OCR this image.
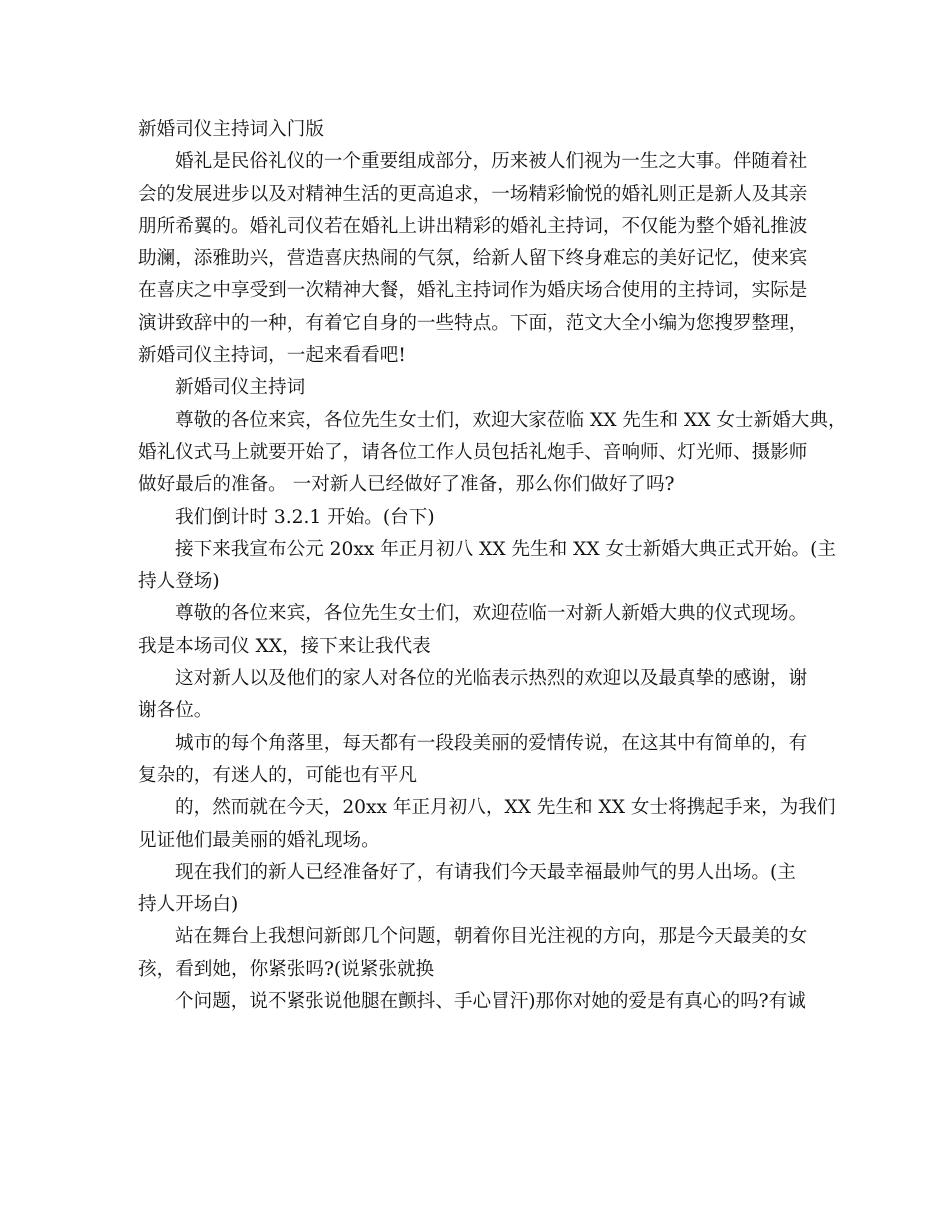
新婚司仪主持词入门版

婚礼是民俗礼仪的一个重要组成部分，历来被人们视为一生之大事。伴随着社
会的发展进步以及对精神生活的更高追求，一场精彩愉悦的婚礼则正是新人及其亲
朋所希翼的。婚礼司仪若在婚礼上讲出精彩的婚礼主持词，不仅能为整个婚礼推波
助澜，添雅助兴，营造喜庆热闹的气氛，给新人留下终身难忘的美好记忆，使来宾
在喜庆之中享受到一次精神大餐，婚礼主持词作为婚庆场合使用的主持词，实际是
演讲致辞中的一种，有着它自身的一些特点。下面，范文大全小编为您搜罗整理，
新婚司仪主持词，一起来看看吧!

新婚司仪主持词

尊敬的各位来宾，各位先生女士们，欢迎大家莅临 XX 先生和 XX 女士新婚大典，
婚礼仪式马上就要开始了，请各位工作人员包括礼炮手、音响师、灯光师、摄影师
做好最后的准备。 一对新人已经做好了准备，那么你们做好了吗?

我们倒计时 3.2.1 开始。(台下)

接下来我宣布公元 20xx 年正月初八 XX 先生和 XX 女士新婚大典正式开始。(主
持人登场)

尊敬的各位来宾，各位先生女士们，欢迎莅临一对新人新婚大典的仪式现场。
我是本场司仪 XX，接下来让我代表

这对新人以及他们的家人对各位的光临表示热烈的欢迎以及最真挚的感谢，谢
谢各位。

城市的每个角落里，每天都有一段段美丽的爱情传说，在这其中有简单的，有
复杂的，有迷人的，可能也有平凡

的，然而就在今天，20xx 年正月初八，XX 先生和 XX 女士将携起手来，为我们
见证他们最美丽的婚礼现场。

现在我们的新人已经准备好了，有请我们今天最幸福最帅气的男人出场。(主
持人开场白)

站在舞台上我想问新郎几个问题，朝着你目光注视的方向，那是今天最美的女
孩，看到她，你紧张吗?(说紧张就换

个问题，说不紧张说他腿在颤抖、手心冒汗)那你对她的爱是有真心的吗?有诚
